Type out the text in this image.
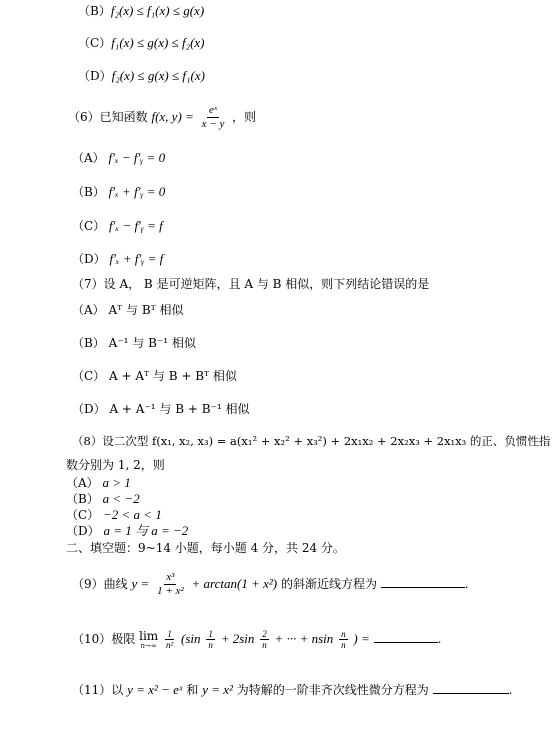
（B）f₂(x) ≤ f₁(x) ≤ g(x)
（C）f₁(x) ≤ g(x) ≤ f₂(x)
（D）f₂(x) ≤ g(x) ≤ f₁(x)
（6）已知函数 f(x, $y) = \frac{\text{eˣ}}{x - y}$ ，则
（A） f′ₓ − f′ᵧ = 0
（B） f′ₓ + f′ᵧ = 0
（C） f′ₓ − f′ᵧ = f
（D） f′ₓ + f′ᵧ = f
（7）设 A， B 是可逆矩阵，且 A 与 B 相似，则下列结论错误的是
（A） Aᵀ 与 Bᵀ 相似
（B） A⁻¹ 与 B⁻¹ 相似
（C） A + Aᵀ 与 B + Bᵀ 相似
（D） A + A⁻¹ 与 B + B⁻¹ 相似
（8）设二次型 f(x₁, x₂, x₃) = a(x₁² + x₂² + x₃²) + 2x₁x₂ + 2x₂x₃ + 2x₁x₃ 的正、负惯性指
数分别为 1, 2，则
（A） a > 1
（B） a < −2
（C） −2 < a < 1
（D） a = 1 与 a = −2
二、填空题：9~14 小题，每小题 4 分，共 24 分。
（9）曲线 $y = \frac{\text{x³}}{\text{1 + x²}} + \arctan(1 + x^2)$ 的斜渐近线方程为	.
（10）极限 lim
n→∞
$\frac{1}{\text{n²}} (\sin \frac{1}{n} + 2\sin \frac{2}{n}$ + ··· + nsin $\frac{n}{n}$ ) =	.
（11）以 y = x² − eˣ 和 y = x² 为特解的一阶非齐次线性微分方程为	.
